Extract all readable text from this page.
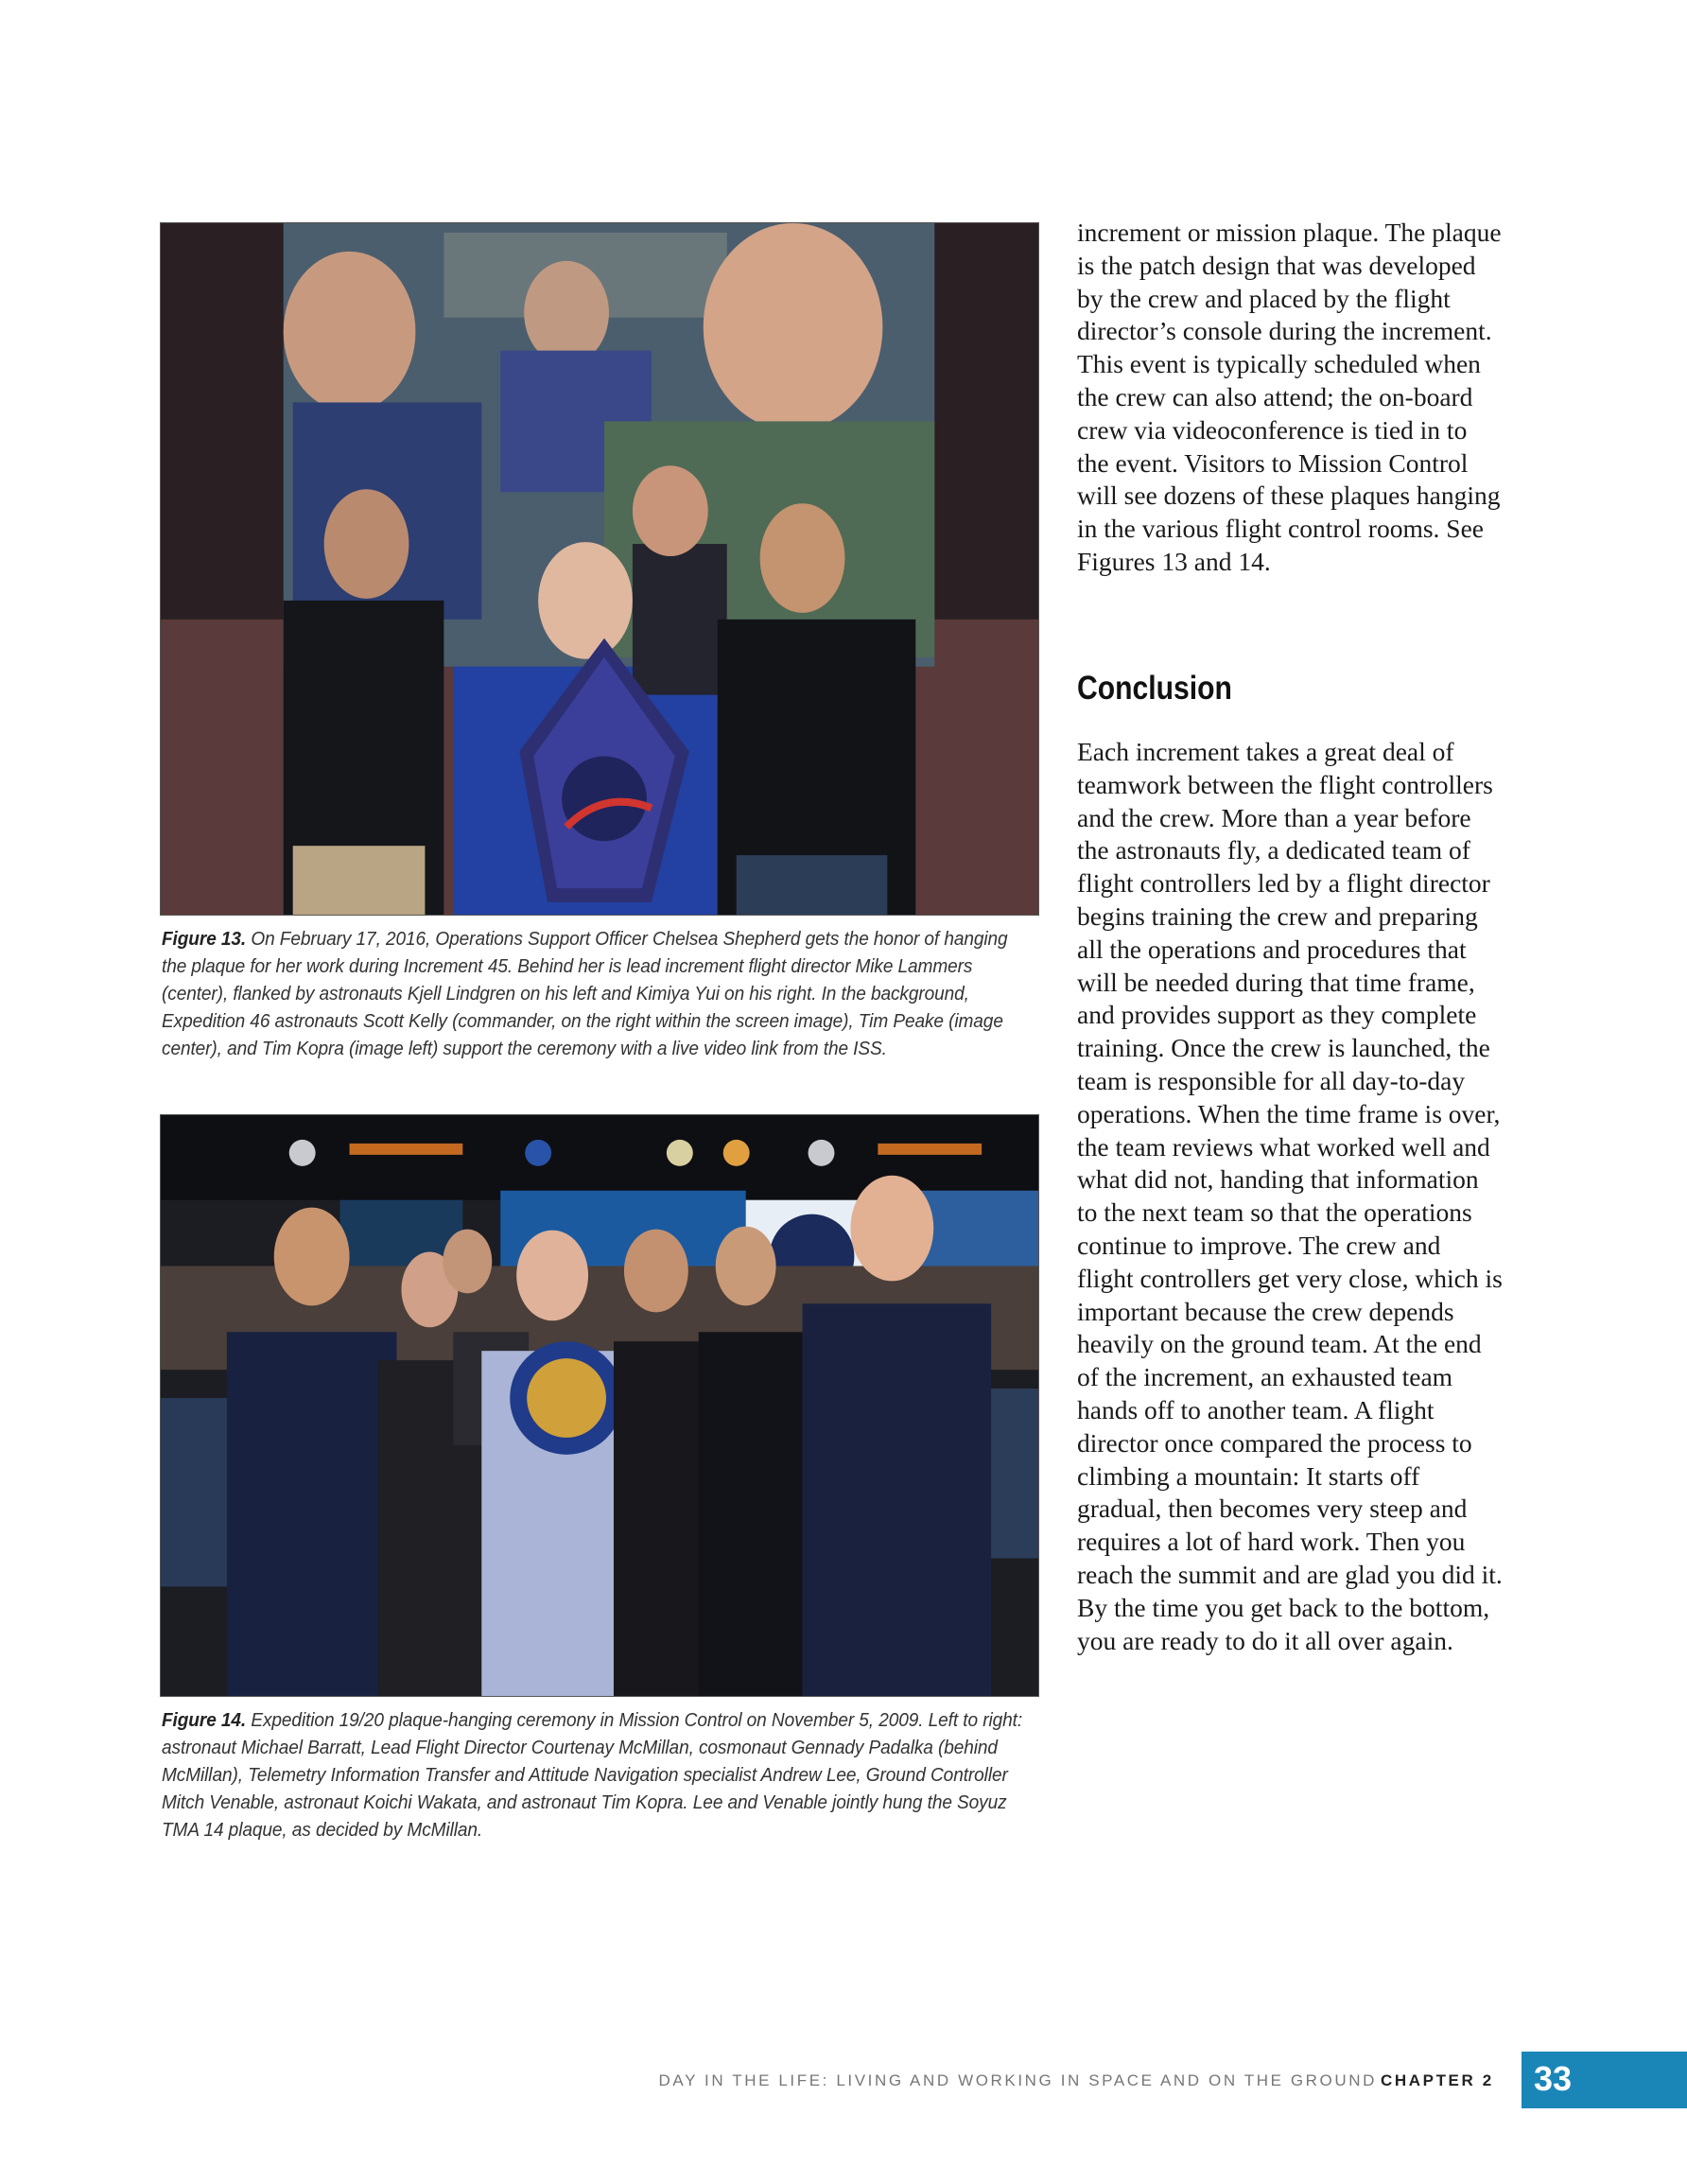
Figure 13. On February 17, 2016, Operations Support Officer Chelsea Shepherd gets the honor of hanging the plaque for her work during Increment 45. Behind her is lead increment flight director Mike Lammers (center), flanked by astronauts Kjell Lindgren on his left and Kimiya Yui on his right. In the background, Expedition 46 astronauts Scott Kelly (commander, on the right within the screen image), Tim Peake (image center), and Tim Kopra (image left) support the ceremony with a live video link from the ISS.
Figure 14. Expedition 19/20 plaque-hanging ceremony in Mission Control on November 5, 2009. Left to right: astronaut Michael Barratt, Lead Flight Director Courtenay McMillan, cosmonaut Gennady Padalka (behind McMillan), Telemetry Information Transfer and Attitude Navigation specialist Andrew Lee, Ground Controller Mitch Venable, astronaut Koichi Wakata, and astronaut Tim Kopra. Lee and Venable jointly hung the Soyuz TMA 14 plaque, as decided by McMillan.
increment or mission plaque. The plaque is the patch design that was developed by the crew and placed by the flight director’s console during the increment. This event is typically scheduled when the crew can also attend; the on-board crew via videoconference is tied in to the event. Visitors to Mission Control will see dozens of these plaques hanging in the various flight control rooms. See Figures 13 and 14.
Conclusion
Each increment takes a great deal of teamwork between the flight controllers and the crew. More than a year before the astronauts fly, a dedicated team of flight controllers led by a flight director begins training the crew and preparing all the operations and procedures that will be needed during that time frame, and provides support as they complete training. Once the crew is launched, the team is responsible for all day-to-day operations. When the time frame is over, the team reviews what worked well and what did not, handing that information to the next team so that the operations continue to improve. The crew and flight controllers get very close, which is important because the crew depends heavily on the ground team. At the end of the increment, an exhausted team hands off to another team. A flight director once compared the process to climbing a mountain: It starts off gradual, then becomes very steep and requires a lot of hard work. Then you reach the summit and are glad you did it. By the time you get back to the bottom, you are ready to do it all over again.
DAY IN THE LIFE: LIVING AND WORKING IN SPACE AND ON THE GROUND CHAPTER 2 33
